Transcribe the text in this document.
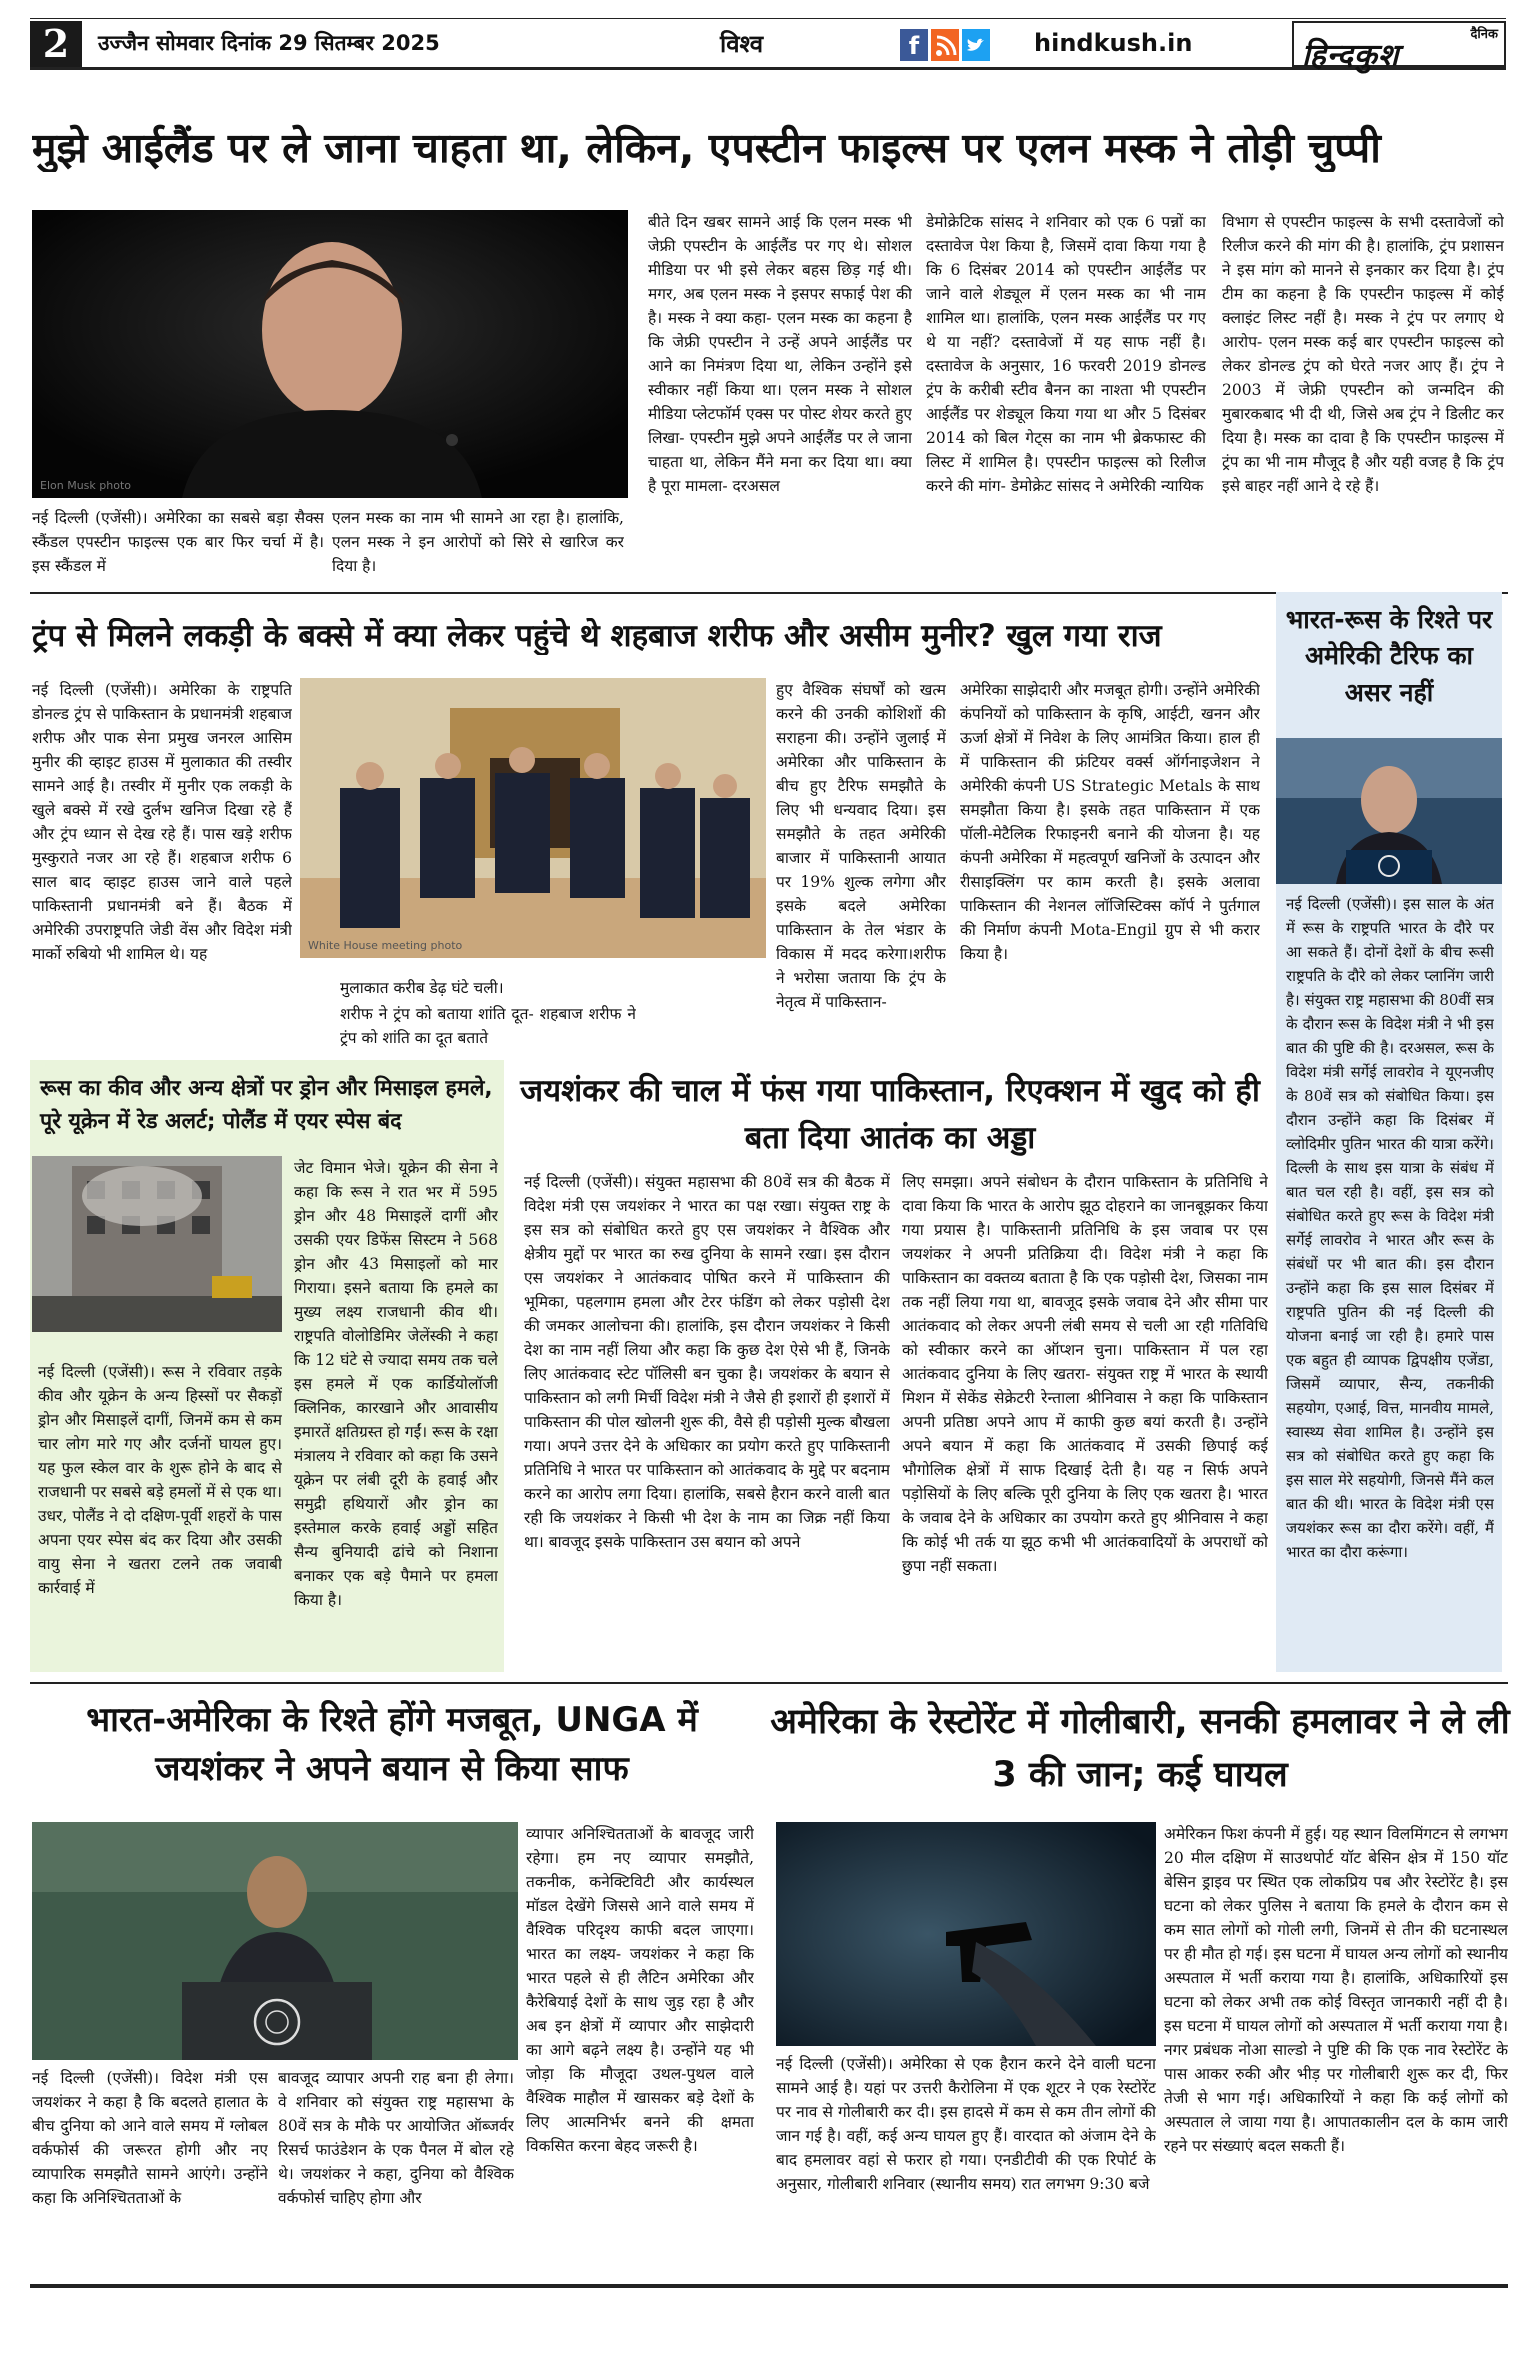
2	उज्जैन सोमवार दिनांक 29 सितम्बर 2025	विश्व	f	hindkush.in	दैनिक
हिन्दकुश
मुझे आईलैंड पर ले जाना चाहता था, लेकिन, एपस्टीन फाइल्स पर एलन मस्क ने तोड़ी चुप्पी
Elon Musk photo
नई दिल्ली (एजेंसी)। अमेरिका का सबसे बड़ा सैक्स स्कैंडल एपस्टीन फाइल्स एक बार फिर चर्चा में है। इस स्कैंडल में
एलन मस्क का नाम भी सामने आ रहा है। हालांकि, एलन मस्क ने इन आरोपों को सिरे से खारिज कर दिया है।
बीते दिन खबर सामने आई कि एलन मस्क भी जेफ्री एपस्टीन के आईलैंड पर गए थे। सोशल मीडिया पर भी इसे लेकर बहस छिड़ गई थी। मगर, अब एलन मस्क ने इसपर सफाई पेश की है। मस्क ने क्या कहा- एलन मस्क का कहना है कि जेफ्री एपस्टीन ने उन्हें अपने आईलैंड पर आने का निमंत्रण दिया था, लेकिन उन्होंने इसे स्वीकार नहीं किया था। एलन मस्क ने सोशल मीडिया प्लेटफॉर्म एक्स पर पोस्ट शेयर करते हुए लिखा- एपस्टीन मुझे अपने आईलैंड पर ले जाना चाहता था, लेकिन मैंने मना कर दिया था। क्या है पूरा मामला- दरअसल
डेमोक्रेटिक सांसद ने शनिवार को एक 6 पन्नों का दस्तावेज पेश किया है, जिसमें दावा किया गया है कि 6 दिसंबर 2014 को एपस्टीन आईलैंड पर जाने वाले शेड्यूल में एलन मस्क का भी नाम शामिल था। हालांकि, एलन मस्क आईलैंड पर गए थे या नहीं? दस्तावेजों में यह साफ नहीं है। दस्तावेज के अनुसार, 16 फरवरी 2019 डोनल्ड ट्रंप के करीबी स्टीव बैनन का नाश्ता भी एपस्टीन आईलैंड पर शेड्यूल किया गया था और 5 दिसंबर 2014 को बिल गेट्स का नाम भी ब्रेकफास्ट की लिस्ट में शामिल है। एपस्टीन फाइल्स को रिलीज करने की मांग- डेमोक्रेट सांसद ने अमेरिकी न्यायिक
विभाग से एपस्टीन फाइल्स के सभी दस्तावेजों को रिलीज करने की मांग की है। हालांकि, ट्रंप प्रशासन ने इस मांग को मानने से इनकार कर दिया है। ट्रंप टीम का कहना है कि एपस्टीन फाइल्स में कोई क्लाइंट लिस्ट नहीं है। मस्क ने ट्रंप पर लगाए थे आरोप- एलन मस्क कई बार एपस्टीन फाइल्स को लेकर डोनल्ड ट्रंप को घेरते नजर आए हैं। ट्रंप ने 2003 में जेफ्री एपस्टीन को जन्मदिन की मुबारकबाद भी दी थी, जिसे अब ट्रंप ने डिलीट कर दिया है। मस्क का दावा है कि एपस्टीन फाइल्स में ट्रंप का भी नाम मौजूद है और यही वजह है कि ट्रंप इसे बाहर नहीं आने दे रहे हैं।
ट्रंप से मिलने लकड़ी के बक्से में क्या लेकर पहुंचे थे शहबाज शरीफ और असीम मुनीर? खुल गया राज
नई दिल्ली (एजेंसी)। अमेरिका के राष्ट्रपति डोनल्ड ट्रंप से पाकिस्तान के प्रधानमंत्री शहबाज शरीफ और पाक सेना प्रमुख जनरल आसिम मुनीर की व्हाइट हाउस में मुलाकात की तस्वीर सामने आई है। तस्वीर में मुनीर एक लकड़ी के खुले बक्से में रखे दुर्लभ खनिज दिखा रहे हैं और ट्रंप ध्यान से देख रहे हैं। पास खड़े शरीफ मुस्कुराते नजर आ रहे हैं। शहबाज शरीफ 6 साल बाद व्हाइट हाउस जाने वाले पहले पाकिस्तानी प्रधानमंत्री बने हैं। बैठक में अमेरिकी उपराष्ट्रपति जेडी वेंस और विदेश मंत्री मार्को रुबियो भी शामिल थे। यह	White House meeting photo
मुलाकात करीब डेढ़ घंटे चली।
शरीफ ने ट्रंप को बताया शांति दूत- शहबाज शरीफ ने ट्रंप को शांति का दूत बताते
हुए वैश्विक संघर्षों को खत्म करने की उनकी कोशिशों की सराहना की। उन्होंने जुलाई में अमेरिका और पाकिस्तान के बीच हुए टैरिफ समझौते के लिए भी धन्यवाद दिया। इस समझौते के तहत अमेरिकी बाजार में पाकिस्तानी आयात पर 19% शुल्क लगेगा और इसके बदले अमेरिका पाकिस्तान के तेल भंडार के विकास में मदद करेगा।शरीफ ने भरोसा जताया कि ट्रंप के नेतृत्व में पाकिस्तान-
अमेरिका साझेदारी और मजबूत होगी। उन्होंने अमेरिकी कंपनियों को पाकिस्तान के कृषि, आईटी, खनन और ऊर्जा क्षेत्रों में निवेश के लिए आमंत्रित किया। हाल ही में पाकिस्तान की फ्रंटियर वर्क्स ऑर्गनाइजेशन ने अमेरिकी कंपनी US Strategic Metals के साथ समझौता किया है। इसके तहत पाकिस्तान में एक पॉली-मेटैलिक रिफाइनरी बनाने की योजना है। यह कंपनी अमेरिका में महत्वपूर्ण खनिजों के उत्पादन और रीसाइक्लिंग पर काम करती है। इसके अलावा पाकिस्तान की नेशनल लॉजिस्टिक्स कॉर्प ने पुर्तगाल की निर्माण कंपनी Mota-Engil ग्रुप से भी करार किया है।
भारत-रूस के रिश्ते पर अमेरिकी टैरिफ का असर नहीं
नई दिल्ली (एजेंसी)। इस साल के अंत में रूस के राष्ट्रपति भारत के दौरे पर आ सकते हैं। दोनों देशों के बीच रूसी राष्ट्रपति के दौरे को लेकर प्लानिंग जारी है। संयुक्त राष्ट्र महासभा की 80वीं सत्र के दौरान रूस के विदेश मंत्री ने भी इस बात की पुष्टि की है। दरअसल, रूस के विदेश मंत्री सर्गेई लावरोव ने यूएनजीए के 80वें सत्र को संबोधित किया। इस दौरान उन्होंने कहा कि दिसंबर में व्लोदिमीर पुतिन भारत की यात्रा करेंगे। दिल्ली के साथ इस यात्रा के संबंध में बात चल रही है। वहीं, इस सत्र को संबोधित करते हुए रूस के विदेश मंत्री सर्गेई लावरोव ने भारत और रूस के संबंधों पर भी बात की। इस दौरान उन्होंने कहा कि इस साल दिसंबर में राष्ट्रपति पुतिन की नई दिल्ली की योजना बनाई जा रही है। हमारे पास एक बहुत ही व्यापक द्विपक्षीय एजेंडा, जिसमें व्यापार, सैन्य, तकनीकी सहयोग, एआई, वित्त, मानवीय मामले, स्वास्थ्य सेवा शामिल है। उन्होंने इस सत्र को संबोधित करते हुए कहा कि इस साल मेरे सहयोगी, जिनसे मैंने कल बात की थी। भारत के विदेश मंत्री एस जयशंकर रूस का दौरा करेंगे। वहीं, मैं भारत का दौरा करूंगा।
रूस का कीव और अन्य क्षेत्रों पर ड्रोन और मिसाइल हमले, पूरे यूक्रेन में रेड अलर्ट; पोलैंड में एयर स्पेस बंद
नई दिल्ली (एजेंसी)। रूस ने रविवार तड़के कीव और यूक्रेन के अन्य हिस्सों पर सैकड़ों ड्रोन और मिसाइलें दागीं, जिनमें कम से कम चार लोग मारे गए और दर्जनों घायल हुए। यह फुल स्केल वार के शुरू होने के बाद से राजधानी पर सबसे बड़े हमलों में से एक था। उधर, पोलैंड ने दो दक्षिण-पूर्वी शहरों के पास अपना एयर स्पेस बंद कर दिया और उसकी वायु सेना ने खतरा टलने तक जवाबी कार्रवाई में
जेट विमान भेजे। यूक्रेन की सेना ने कहा कि रूस ने रात भर में 595 ड्रोन और 48 मिसाइलें दागीं और उसकी एयर डिफेंस सिस्टम ने 568 ड्रोन और 43 मिसाइलों को मार गिराया। इसने बताया कि हमले का मुख्य लक्ष्य राजधानी कीव थी। राष्ट्रपति वोलोडिमिर जेलेंस्की ने कहा कि 12 घंटे से ज्यादा समय तक चले इस हमले में एक कार्डियोलॉजी क्लिनिक, कारखाने और आवासीय इमारतें क्षतिग्रस्त हो गईं। रूस के रक्षा मंत्रालय ने रविवार को कहा कि उसने यूक्रेन पर लंबी दूरी के हवाई और समुद्री हथियारों और ड्रोन का इस्तेमाल करके हवाई अड्डों सहित सैन्य बुनियादी ढांचे को निशाना बनाकर एक बड़े पैमाने पर हमला किया है।
जयशंकर की चाल में फंस गया पाकिस्तान, रिएक्शन में खुद को ही बता दिया आतंक का अड्डा
नई दिल्ली (एजेंसी)। संयुक्त महासभा की 80वें सत्र की बैठक में विदेश मंत्री एस जयशंकर ने भारत का पक्ष रखा। संयुक्त राष्ट्र के इस सत्र को संबोधित करते हुए एस जयशंकर ने वैश्विक और क्षेत्रीय मुद्दों पर भारत का रुख दुनिया के सामने रखा। इस दौरान एस जयशंकर ने आतंकवाद पोषित करने में पाकिस्तान की भूमिका, पहलगाम हमला और टेरर फंडिंग को लेकर पड़ोसी देश की जमकर आलोचना की। हालांकि, इस दौरान जयशंकर ने किसी देश का नाम नहीं लिया और कहा कि कुछ देश ऐसे भी हैं, जिनके लिए आतंकवाद स्टेट पॉलिसी बन चुका है। जयशंकर के बयान से पाकिस्तान को लगी मिर्ची विदेश मंत्री ने जैसे ही इशारों ही इशारों में पाकिस्तान की पोल खोलनी शुरू की, वैसे ही पड़ोसी मुल्क बौखला गया। अपने उत्तर देने के अधिकार का प्रयोग करते हुए पाकिस्तानी प्रतिनिधि ने भारत पर पाकिस्तान को आतंकवाद के मुद्दे पर बदनाम करने का आरोप लगा दिया। हालांकि, सबसे हैरान करने वाली बात रही कि जयशंकर ने किसी भी देश के नाम का जिक्र नहीं किया था। बावजूद इसके पाकिस्तान उस बयान को अपने
लिए समझा। अपने संबोधन के दौरान पाकिस्तान के प्रतिनिधि ने दावा किया कि भारत के आरोप झूठ दोहराने का जानबूझकर किया गया प्रयास है। पाकिस्तानी प्रतिनिधि के इस जवाब पर एस जयशंकर ने अपनी प्रतिक्रिया दी। विदेश मंत्री ने कहा कि पाकिस्तान का वक्तव्य बताता है कि एक पड़ोसी देश, जिसका नाम तक नहीं लिया गया था, बावजूद इसके जवाब देने और सीमा पार आतंकवाद को लेकर अपनी लंबी समय से चली आ रही गतिविधि को स्वीकार करने का ऑप्शन चुना। पाकिस्तान में पल रहा आतंकवाद दुनिया के लिए खतरा- संयुक्त राष्ट्र में भारत के स्थायी मिशन में सेकेंड सेक्रेटरी रेन्ताला श्रीनिवास ने कहा कि पाकिस्तान अपनी प्रतिष्ठा अपने आप में काफी कुछ बयां करती है। उन्होंने अपने बयान में कहा कि आतंकवाद में उसकी छिपाई कई भौगोलिक क्षेत्रों में साफ दिखाई देती है। यह न सिर्फ अपने पड़ोसियों के लिए बल्कि पूरी दुनिया के लिए एक खतरा है। भारत के जवाब देने के अधिकार का उपयोग करते हुए श्रीनिवास ने कहा कि कोई भी तर्क या झूठ कभी भी आतंकवादियों के अपराधों को छुपा नहीं सकता।
भारत-अमेरिका के रिश्ते होंगे मजबूत, UNGA में जयशंकर ने अपने बयान से किया साफ
नई दिल्ली (एजेंसी)। विदेश मंत्री एस जयशंकर ने कहा है कि बदलते हालात के बीच दुनिया को आने वाले समय में ग्लोबल वर्कफोर्स की जरूरत होगी और नए व्यापारिक समझौते सामने आएंगे। उन्होंने कहा कि अनिश्चितताओं के
बावजूद व्यापार अपनी राह बना ही लेगा। वे शनिवार को संयुक्त राष्ट्र महासभा के 80वें सत्र के मौके पर आयोजित ऑब्जर्वर रिसर्च फाउंडेशन के एक पैनल में बोल रहे थे। जयशंकर ने कहा, दुनिया को वैश्विक वर्कफोर्स चाहिए होगा और
व्यापार अनिश्चितताओं के बावजूद जारी रहेगा। हम नए व्यापार समझौते, तकनीक, कनेक्टिविटी और कार्यस्थल मॉडल देखेंगे जिससे आने वाले समय में वैश्विक परिदृश्य काफी बदल जाएगा। भारत का लक्ष्य- जयशंकर ने कहा कि भारत पहले से ही लैटिन अमेरिका और कैरेबियाई देशों के साथ जुड़ रहा है और अब इन क्षेत्रों में व्यापार और साझेदारी का आगे बढ़ने लक्ष्य है। उन्होंने यह भी जोड़ा कि मौजूदा उथल-पुथल वाले वैश्विक माहौल में खासकर बड़े देशों के लिए आत्मनिर्भर बनने की क्षमता विकसित करना बेहद जरूरी है।
अमेरिका के रेस्टोरेंट में गोलीबारी, सनकी हमलावर ने ले ली 3 की जान; कई घायल
नई दिल्ली (एजेंसी)। अमेरिका से एक हैरान करने देने वाली घटना सामने आई है। यहां पर उत्तरी कैरोलिना में एक शूटर ने एक रेस्टोरेंट पर नाव से गोलीबारी कर दी। इस हादसे में कम से कम तीन लोगों की जान गई है। वहीं, कई अन्य घायल हुए हैं। वारदात को अंजाम देने के बाद हमलावर वहां से फरार हो गया। एनडीटीवी की एक रिपोर्ट के अनुसार, गोलीबारी शनिवार (स्थानीय समय) रात लगभग 9:30 बजे
अमेरिकन फिश कंपनी में हुई। यह स्थान विलमिंगटन से लगभग 20 मील दक्षिण में साउथपोर्ट यॉट बेसिन क्षेत्र में 150 यॉट बेसिन ड्राइव पर स्थित एक लोकप्रिय पब और रेस्टोरेंट है। इस घटना को लेकर पुलिस ने बताया कि हमले के दौरान कम से कम सात लोगों को गोली लगी, जिनमें से तीन की घटनास्थल पर ही मौत हो गई। इस घटना में घायल अन्य लोगों को स्थानीय अस्पताल में भर्ती कराया गया है। हालांकि, अधिकारियों इस घटना को लेकर अभी तक कोई विस्तृत जानकारी नहीं दी है। इस घटना में घायल लोगों को अस्पताल में भर्ती कराया गया है। नगर प्रबंधक नोआ साल्डो ने पुष्टि की कि एक नाव रेस्टोरेंट के पास आकर रुकी और भीड़ पर गोलीबारी शुरू कर दी, फिर तेजी से भाग गई। अधिकारियों ने कहा कि कई लोगों को अस्पताल ले जाया गया है। आपातकालीन दल के काम जारी रहने पर संख्याएं बदल सकती हैं।
